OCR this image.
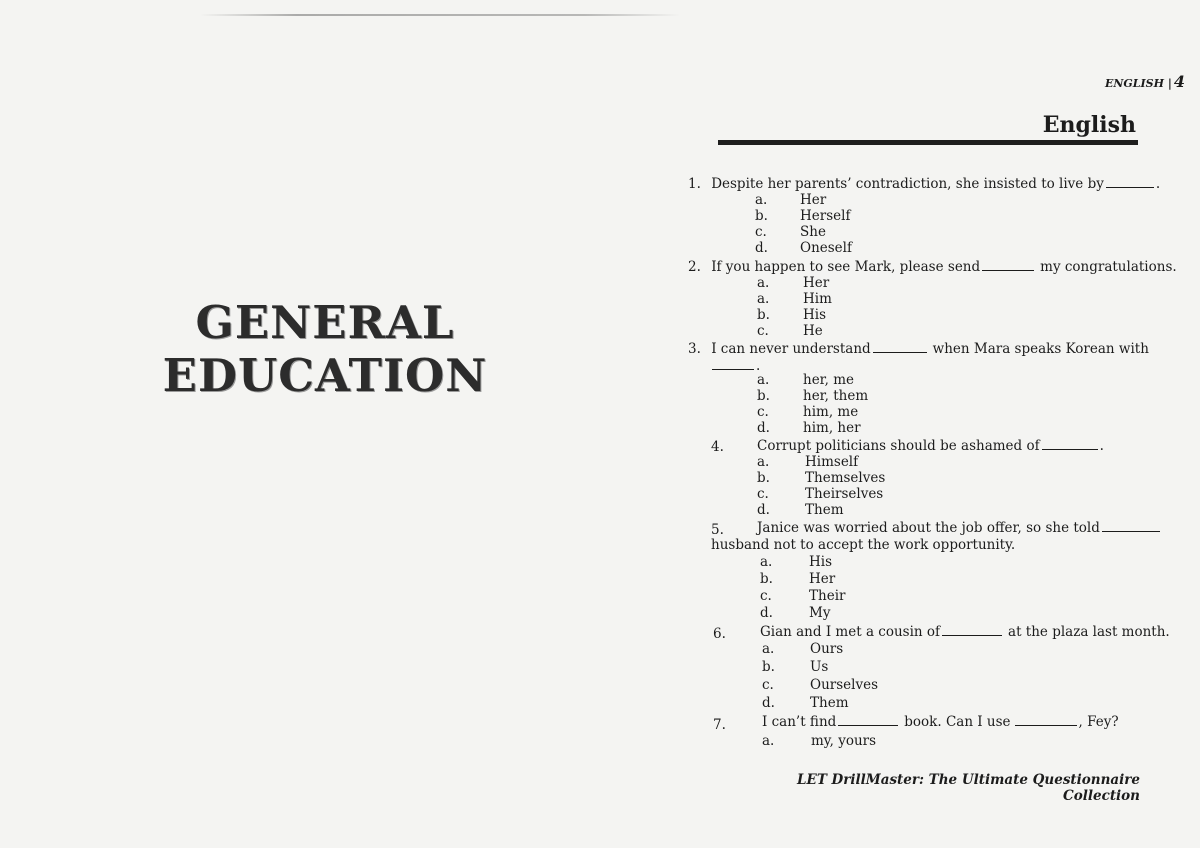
GENERAL
EDUCATION
ENGLISH | 4
English
1. Despite her parents’ contradiction, she insisted to live by	.
a. Her
b. Herself
c. She
d. Oneself
2. If you happen to see Mark, please send	my congratulations.
a. Her
a. Him
b. His
c.	He
3. I can never understand	when Mara speaks Korean with
.
a. her, me
b. her, them
c.	him, me
d. him, her
4. Corrupt politicians should be ashamed of	.
a.	Himself
b.	Themselves
c.	Theirselves
d.	Them
5. Janice was worried about the job offer, so she told
husband not to accept the work opportunity.
a.	His
b.	Her
c.	Their
d.	My
6.	Gian and I met a cousin of	at the plaza last month.
a.	Ours
b.	Us
c.	Ourselves
d.	Them
7.	I can’t find	book. Can I use	, Fey?
a.	my, yours
LET DrillMaster: The Ultimate Questionnaire Collection
